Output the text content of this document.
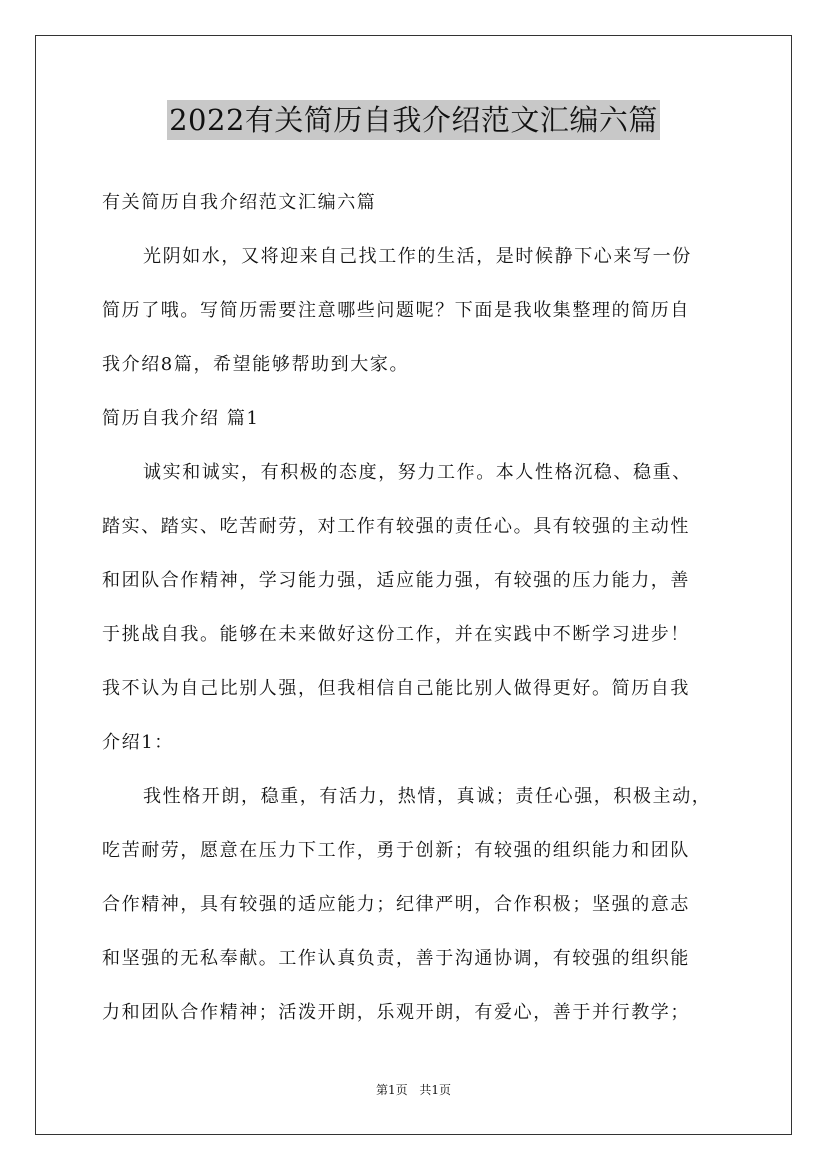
2022有关简历自我介绍范文汇编六篇
有关简历自我介绍范文汇编六篇
光阴如水，又将迎来自己找工作的生活，是时候静下心来写一份
简历了哦。写简历需要注意哪些问题呢？下面是我收集整理的简历自
我介绍8篇，希望能够帮助到大家。
简历自我介绍 篇1
诚实和诚实，有积极的态度，努力工作。本人性格沉稳、稳重、
踏实、踏实、吃苦耐劳，对工作有较强的责任心。具有较强的主动性
和团队合作精神，学习能力强，适应能力强，有较强的压力能力，善
于挑战自我。能够在未来做好这份工作，并在实践中不断学习进步！
我不认为自己比别人强，但我相信自己能比别人做得更好。简历自我
介绍1：
我性格开朗，稳重，有活力，热情，真诚；责任心强，积极主动，
吃苦耐劳，愿意在压力下工作，勇于创新；有较强的组织能力和团队
合作精神，具有较强的适应能力；纪律严明，合作积极；坚强的意志
和坚强的无私奉献。工作认真负责，善于沟通协调，有较强的组织能
力和团队合作精神；活泼开朗，乐观开朗，有爱心，善于并行教学；
第1页 共1页
